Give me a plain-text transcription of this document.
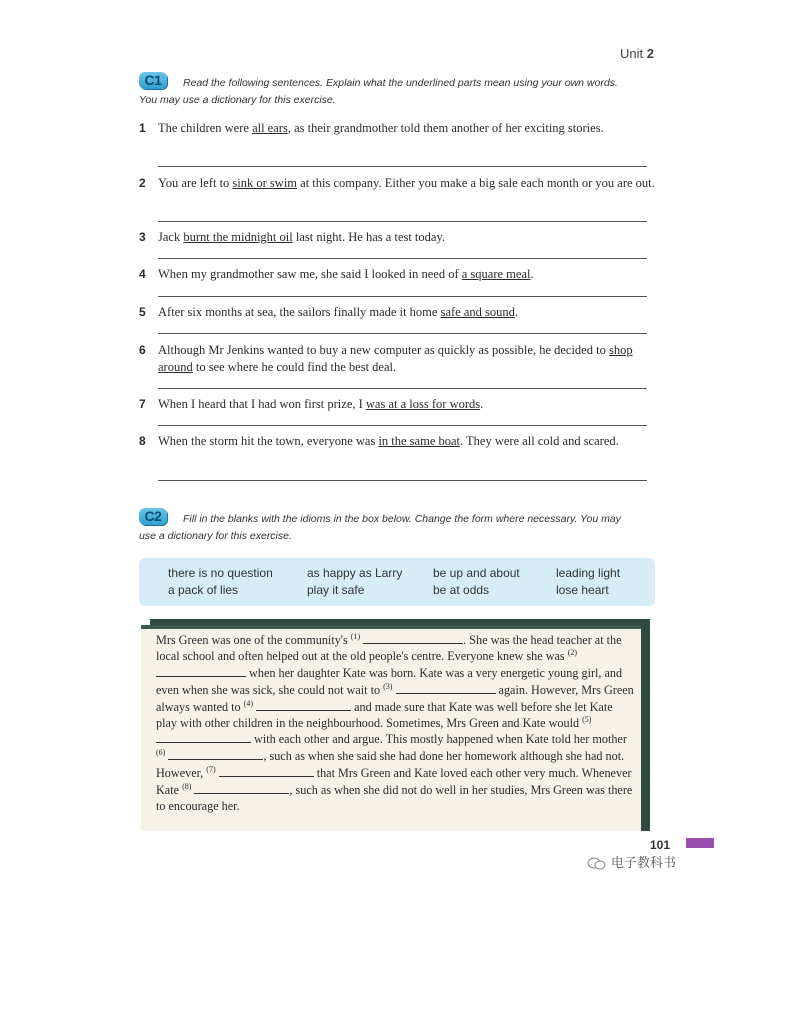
Unit 2
C1	Read the following sentences. Explain what the underlined parts mean using your own words.
You may use a dictionary for this exercise.
1 The children were all ears, as their grandmother told them another of her exciting stories.
2 You are left to sink or swim at this company. Either you make a big sale each month or you are out.
3 Jack burnt the midnight oil last night. He has a test today.
4 When my grandmother saw me, she said I looked in need of a square meal.
5 After six months at sea, the sailors finally made it home safe and sound.
6 Although Mr Jenkins wanted to buy a new computer as quickly as possible, he decided to shop around to see where he could find the best deal.
7 When I heard that I had won first prize, I was at a loss for words.
8 When the storm hit the town, everyone was in the same boat. They were all cold and scared.
C2	Fill in the blanks with the idioms in the box below. Change the form where necessary. You may
use a dictionary for this exercise.
there is no question	as happy as Larry	be up and about	leading light
a pack of lies	play it safe	be at odds	lose heart
Mrs Green was one of the community's $^{(1)}$	. She was the head teacher at the local school and often helped out at the old people's centre. Everyone knew she was $^{(2)}$  when her daughter Kate was born. Kate was a very energetic young girl, and even when she was sick, she could not wait to $^{(3)}$	again. However, Mrs Green always wanted to $^{(4)}$	and made sure that Kate was well before she let Kate play with other children in the neighbourhood. Sometimes, Mrs Green and Kate would $^{(5)}$  with each other and argue. This mostly happened when Kate told her mother $^{(6)}$	, such as when she said she had done her homework although she had not. However, $^{(7)}$	that Mrs Green and Kate loved each other very much. Whenever Kate $^{(8)}$	, such as when she did not do well in her studies, Mrs Green was there to encourage her.
101
电子教科书
